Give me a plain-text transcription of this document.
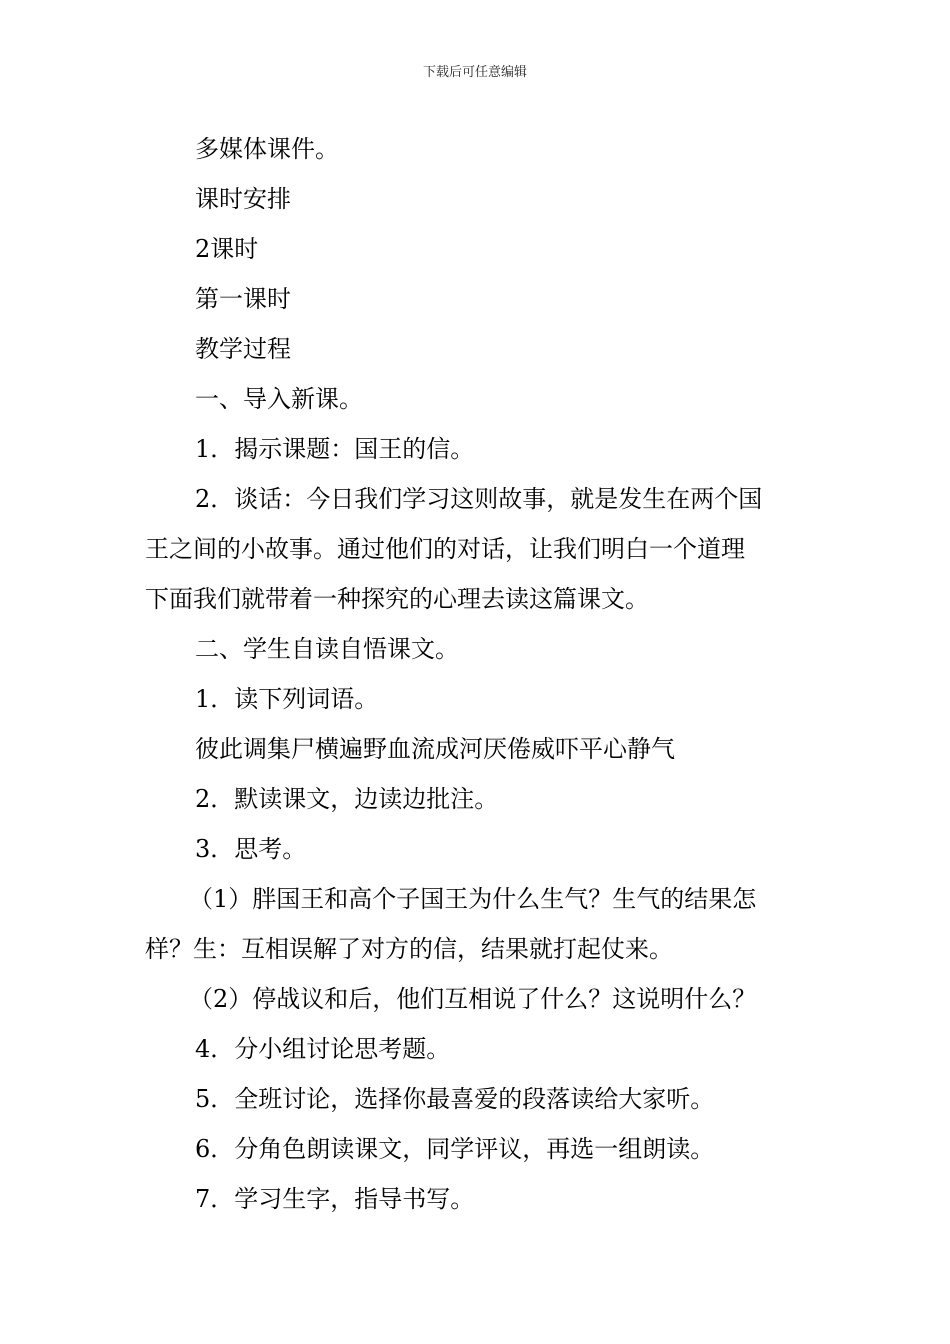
下载后可任意编辑
多媒体课件。
课时安排
2课时
第一课时
教学过程
一、导入新课。
1．揭示课题：国王的信。
2．谈话：今日我们学习这则故事，就是发生在两个国
王之间的小故事。通过他们的对话，让我们明白一个道理
下面我们就带着一种探究的心理去读这篇课文。
二、学生自读自悟课文。
1．读下列词语。
彼此调集尸横遍野血流成河厌倦威吓平心静气
2．默读课文，边读边批注。
3．思考。
（1）胖国王和高个子国王为什么生气？生气的结果怎
样？生：互相误解了对方的信，结果就打起仗来。
（2）停战议和后，他们互相说了什么？这说明什么？
4．分小组讨论思考题。
5．全班讨论，选择你最喜爱的段落读给大家听。
6．分角色朗读课文，同学评议，再选一组朗读。
7．学习生字，指导书写。
